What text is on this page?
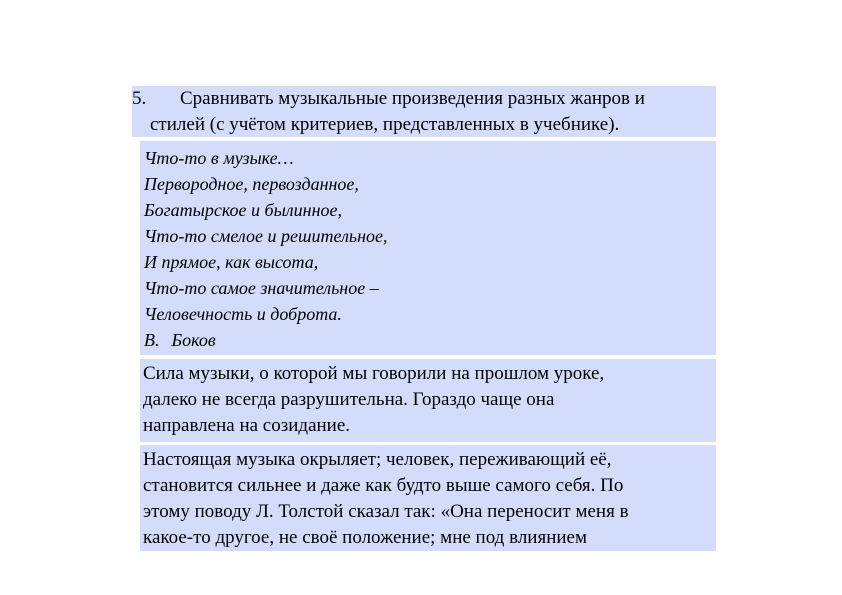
5. Сравнивать музыкальные произведения разных жанров и
стилей (с учётом критериев, представленных в учебнике).
Что-то в музыке…
Первородное, первозданное,
Богатырское и былинное,
Что-то смелое и решительное,
И прямое, как высота,
Что-то самое значительное –
Человечность и доброта.
В. Боков
Сила музыки, о которой мы говорили на прошлом уроке,
далеко не всегда разрушительна. Гораздо чаще она
направлена на созидание.
Настоящая музыка окрыляет; человек, переживающий её,
становится сильнее и даже как будто выше самого себя. По
этому поводу Л. Толстой сказал так: «Она переносит меня в
какое-то другое, не своё положение; мне под влиянием
